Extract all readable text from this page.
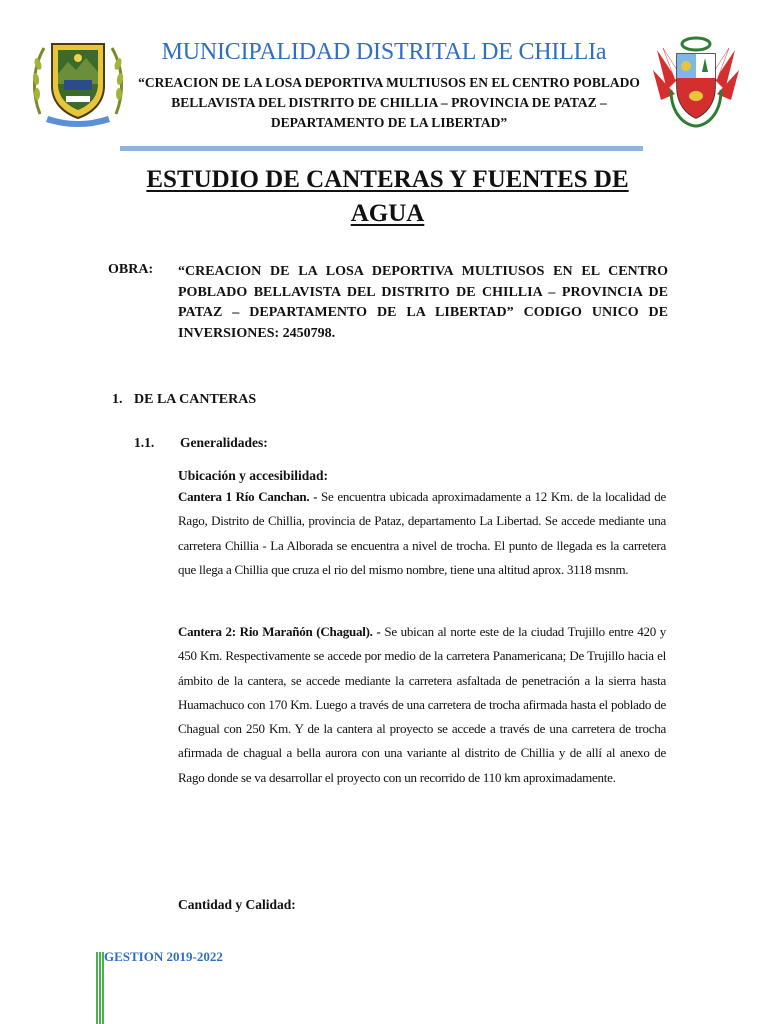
MUNICIPALIDAD DISTRITAL DE CHILLIa
“CREACION DE LA LOSA DEPORTIVA MULTIUSOS EN EL CENTRO POBLADO
BELLAVISTA DEL DISTRITO DE CHILLIA – PROVINCIA DE PATAZ –
DEPARTAMENTO DE LA LIBERTAD”
ESTUDIO DE CANTERAS Y FUENTES DE
AGUA
OBRA: “CREACION DE LA LOSA DEPORTIVA MULTIUSOS EN EL CENTRO POBLADO BELLAVISTA DEL DISTRITO DE CHILLIA – PROVINCIA DE PATAZ – DEPARTAMENTO DE LA LIBERTAD” CODIGO UNICO DE INVERSIONES: 2450798.
1. DE LA CANTERAS
1.1. Generalidades:
Ubicación y accesibilidad:
Cantera 1 Río Canchan. - Se encuentra ubicada aproximadamente a 12 Km. de la localidad de Rago, Distrito de Chillia, provincia de Pataz, departamento La Libertad. Se accede mediante una carretera Chillia - La Alborada se encuentra a nivel de trocha. El punto de llegada es la carretera que llega a Chillia que cruza el rio del mismo nombre, tiene una altitud aprox. 3118 msnm.
Cantera 2: Rio Marañón (Chagual). - Se ubican al norte este de la ciudad Trujillo entre 420 y 450 Km. Respectivamente se accede por medio de la carretera Panamericana; De Trujillo hacia el ámbito de la cantera, se accede mediante la carretera asfaltada de penetración a la sierra hasta Huamachuco con 170 Km. Luego a través de una carretera de trocha afirmada hasta el poblado de Chagual con 250 Km. Y de la cantera al proyecto se accede a través de una carretera de trocha afirmada de chagual a bella aurora con una variante al distrito de Chillia y de allí al anexo de Rago donde se va desarrollar el proyecto con un recorrido de 110 km aproximadamente.
Cantidad y Calidad:
GESTION 2019-2022
